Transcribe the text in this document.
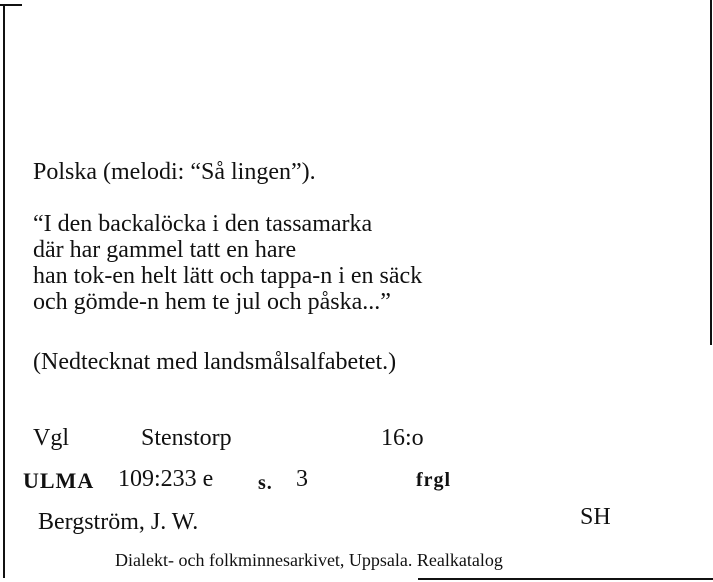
Polska (melodi: “Så lingen”).
“I den backalöcka i den tassamarka
där har gammel tatt en hare
han tok-en helt lätt och tappa-n i en säck
och gömde-n hem te jul och påska...”
(Nedtecknat med landsmålsalfabetet.)
Vgl	Stenstorp	16:o
ULMA 109:233 e s. 3	frgl
Bergström, J. W.	SH
Dialekt- och folkminnesarkivet, Uppsala. Realkatalog
